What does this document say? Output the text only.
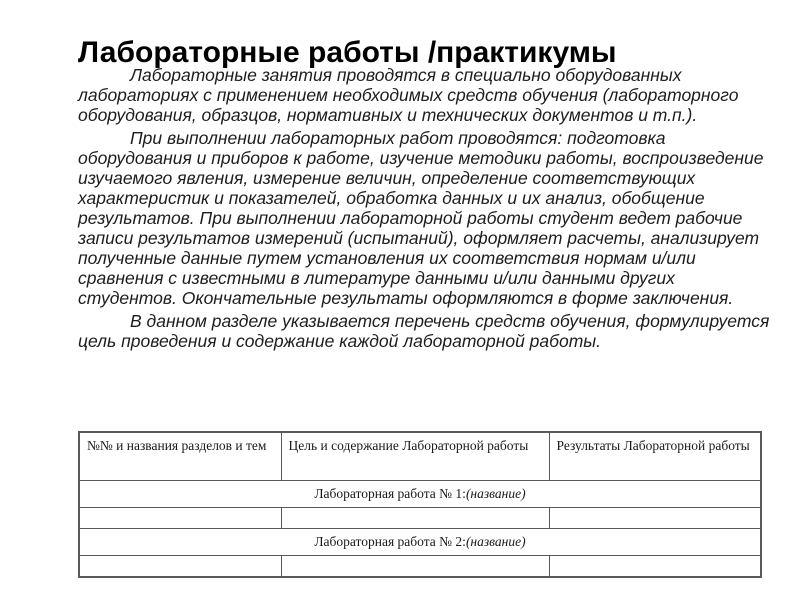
Лабораторные работы /практикумы

Лабораторные занятия проводятся в специально оборудованных лабораториях с применением необходимых средств обучения (лабораторного оборудования, образцов, нормативных и технических документов и т.п.).

При выполнении лабораторных работ проводятся: подготовка оборудования и приборов к работе, изучение методики работы, воспроизведение изучаемого явления, измерение величин, определение соответствующих характеристик и показателей, обработка данных и их анализ, обобщение результатов. При выполнении лабораторной работы студент ведет рабочие записи результатов измерений (испытаний), оформляет расчеты, анализирует полученные данные путем установления их соответствия нормам и/или сравнения с известными в литературе данными и/или данными других студентов. Окончательные результаты оформляются в форме заключения.

В данном разделе указывается перечень средств обучения, формулируется цель проведения и содержание каждой лабораторной работы.

№№ и названия разделов и тем	Цель и содержание Лабораторной работы	Результаты Лабораторной работы
Лабораторная работа № 1:(название)		

Лабораторная работа № 2:(название)		
